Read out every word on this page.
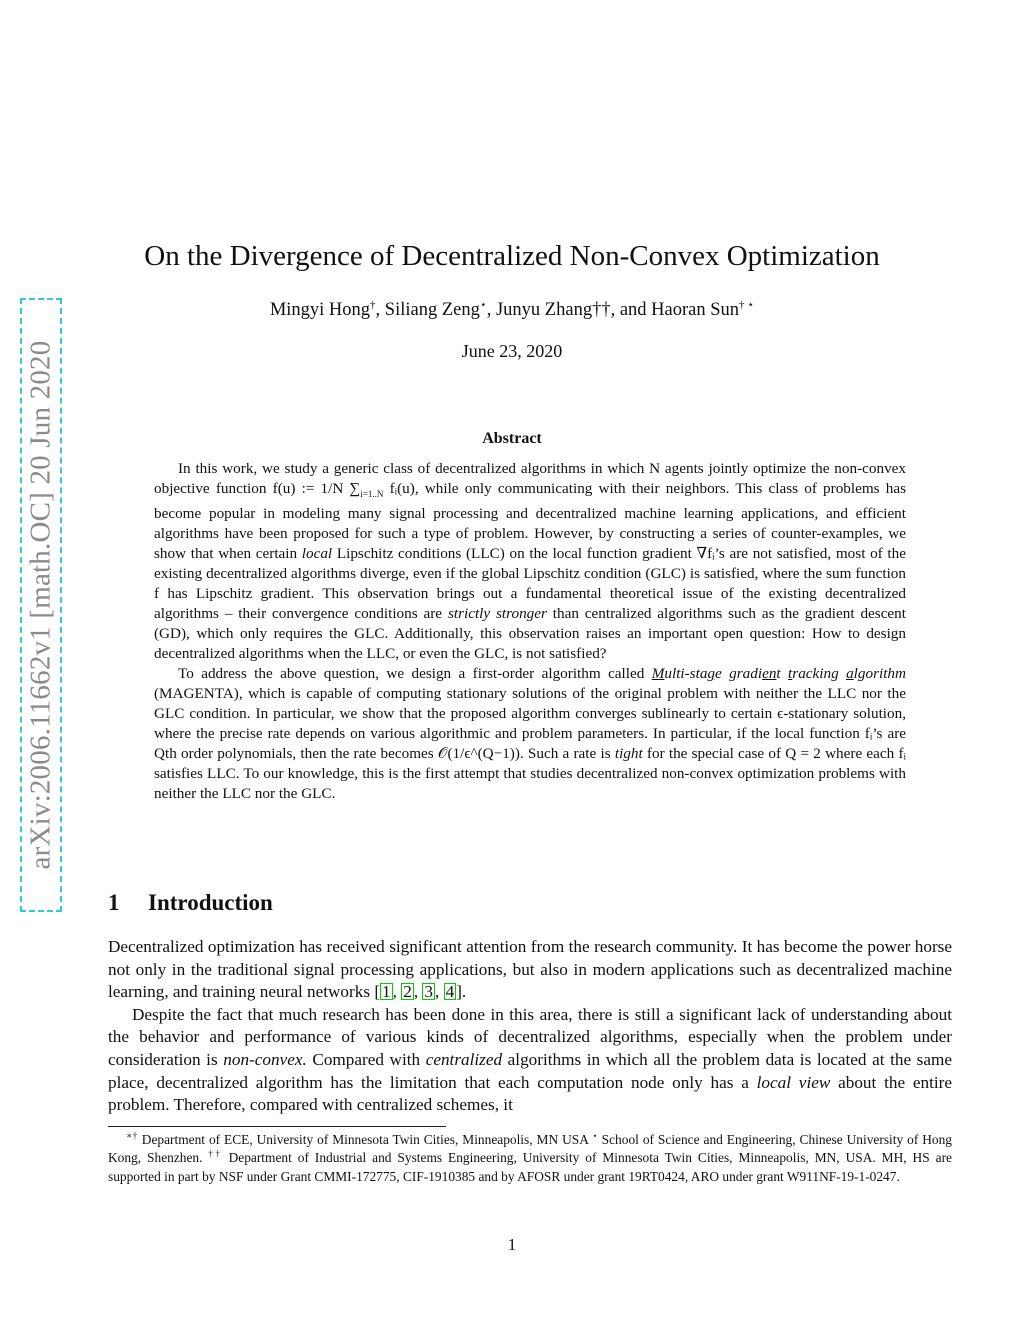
arXiv:2006.11662v1 [math.OC] 20 Jun 2020
On the Divergence of Decentralized Non-Convex Optimization
Mingyi Hong†, Siliang Zeng⋆, Junyu Zhang††, and Haoran Sun† ⋆
June 23, 2020
Abstract

In this work, we study a generic class of decentralized algorithms in which N agents jointly optimize the non-convex objective function f(u) := 1/N $\sum_{i=1..N}$ fᵢ(u), while only communicating with their neighbors. This class of problems has become popular in modeling many signal processing and decentralized machine learning applications, and efficient algorithms have been proposed for such a type of problem. However, by constructing a series of counter-examples, we show that when certain local Lipschitz conditions (LLC) on the local function gradient ∇fᵢ’s are not satisfied, most of the existing decentralized algorithms diverge, even if the global Lipschitz condition (GLC) is satisfied, where the sum function f has Lipschitz gradient. This observation brings out a fundamental theoretical issue of the existing decentralized algorithms – their convergence conditions are strictly stronger than centralized algorithms such as the gradient descent (GD), which only requires the GLC. Additionally, this observation raises an important open question: How to design decentralized algorithms when the LLC, or even the GLC, is not satisfied?

To address the above question, we design a first-order algorithm called Multi-stage gradient tracking algorithm (MAGENTA), which is capable of computing stationary solutions of the original problem with neither the LLC nor the GLC condition. In particular, we show that the proposed algorithm converges sublinearly to certain ϵ-stationary solution, where the precise rate depends on various algorithmic and problem parameters. In particular, if the local function fᵢ’s are Qth order polynomials, then the rate becomes 𝒪(1/ϵ^(Q−1)). Such a rate is tight for the special case of Q = 2 where each fᵢ satisfies LLC. To our knowledge, this is the first attempt that studies decentralized non-convex optimization problems with neither the LLC nor the GLC.

1 Introduction

Decentralized optimization has received significant attention from the research community. It has become the power horse not only in the traditional signal processing applications, but also in modern applications such as decentralized machine learning, and training neural networks [ 1 , 2 , 3 , 4 ].

Despite the fact that much research has been done in this area, there is still a significant lack of understanding about the behavior and performance of various kinds of decentralized algorithms, especially when the problem under consideration is non-convex. Compared with centralized algorithms in which all the problem data is located at the same place, decentralized algorithm has the limitation that each computation node only has a local view about the entire problem. Therefore, compared with centralized schemes, it

∗† Department of ECE, University of Minnesota Twin Cities, Minneapolis, MN USA ⋆ School of Science and Engineering, Chinese University of Hong Kong, Shenzhen. †† Department of Industrial and Systems Engineering, University of Minnesota Twin Cities, Minneapolis, MN, USA. MH, HS are supported in part by NSF under Grant CMMI-172775, CIF-1910385 and by AFOSR under grant 19RT0424, ARO under grant W911NF-19-1-0247.
1
